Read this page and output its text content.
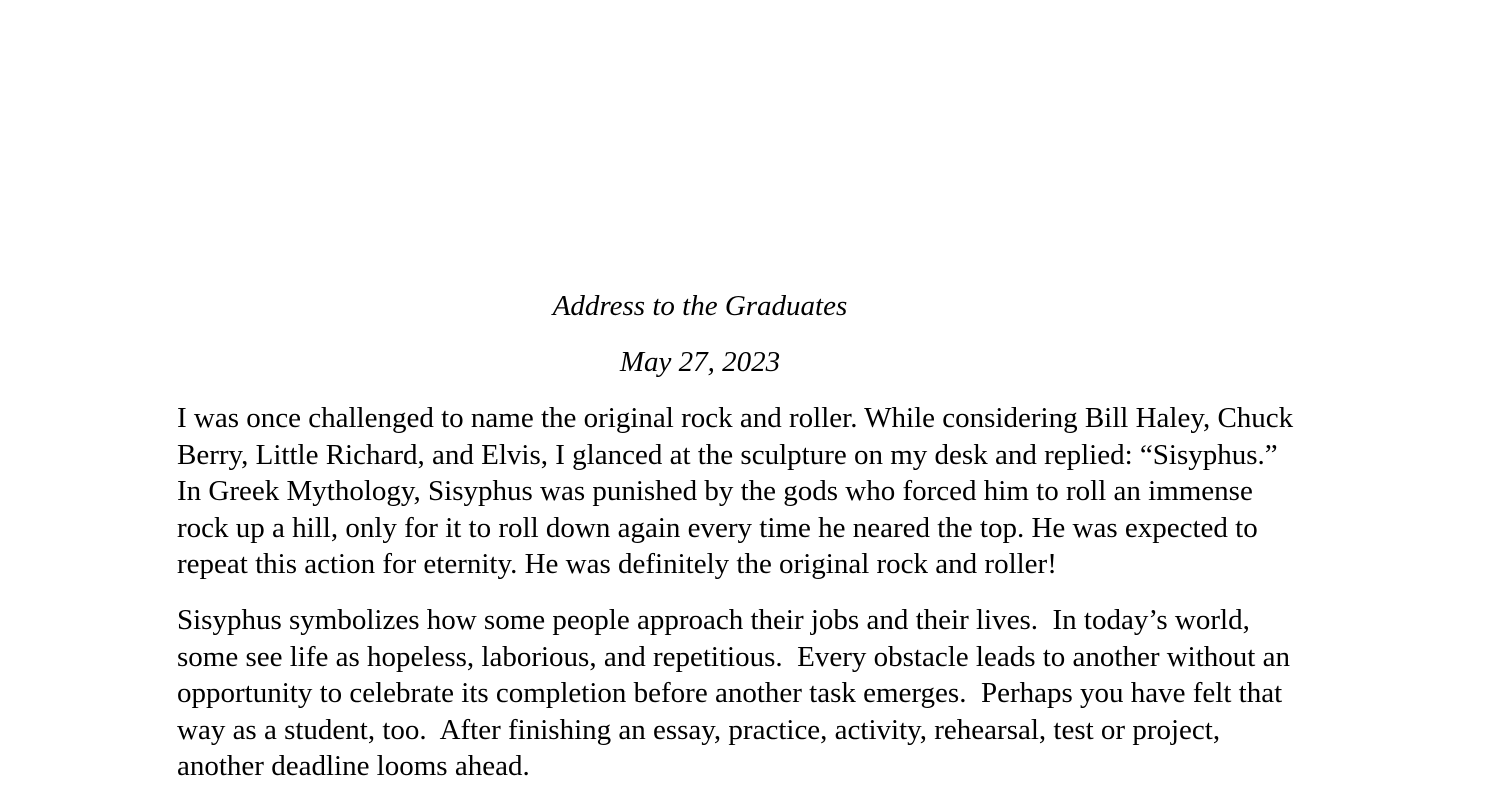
Address to the Graduates
May 27, 2023
I was once challenged to name the original rock and roller. While considering Bill Haley, Chuck
Berry, Little Richard, and Elvis, I glanced at the sculpture on my desk and replied: “Sisyphus.”
In Greek Mythology, Sisyphus was punished by the gods who forced him to roll an immense
rock up a hill, only for it to roll down again every time he neared the top. He was expected to
repeat this action for eternity. He was definitely the original rock and roller!
Sisyphus symbolizes how some people approach their jobs and their lives.  In today’s world,
some see life as hopeless, laborious, and repetitious.  Every obstacle leads to another without an
opportunity to celebrate its completion before another task emerges.  Perhaps you have felt that
way as a student, too.  After finishing an essay, practice, activity, rehearsal, test or project,
another deadline looms ahead.
